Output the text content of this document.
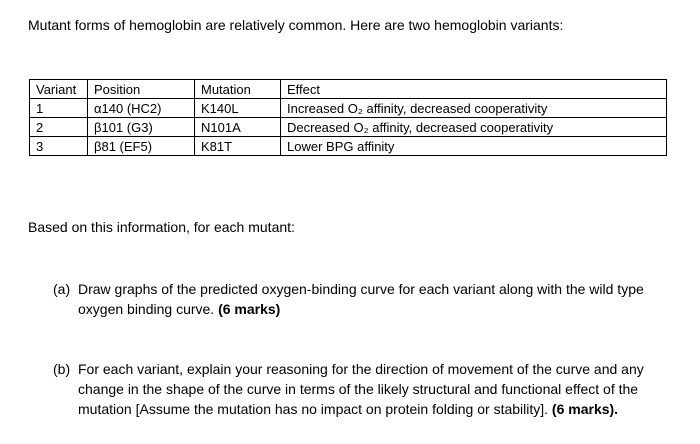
Mutant forms of hemoglobin are relatively common. Here are two hemoglobin variants:
Variant	Position	Mutation	Effect
1	α140 (HC2)	K140L	Increased O₂ affinity, decreased cooperativity
2	β101 (G3)	N101A	Decreased O₂ affinity, decreased cooperativity
3	β81 (EF5)	K81T	Lower BPG affinity
Based on this information, for each mutant:
(a) Draw graphs of the predicted oxygen-binding curve for each variant along with the wild type oxygen binding curve. (6 marks)
(b) For each variant, explain your reasoning for the direction of movement of the curve and any change in the shape of the curve in terms of the likely structural and functional effect of the mutation [Assume the mutation has no impact on protein folding or stability]. (6 marks).
